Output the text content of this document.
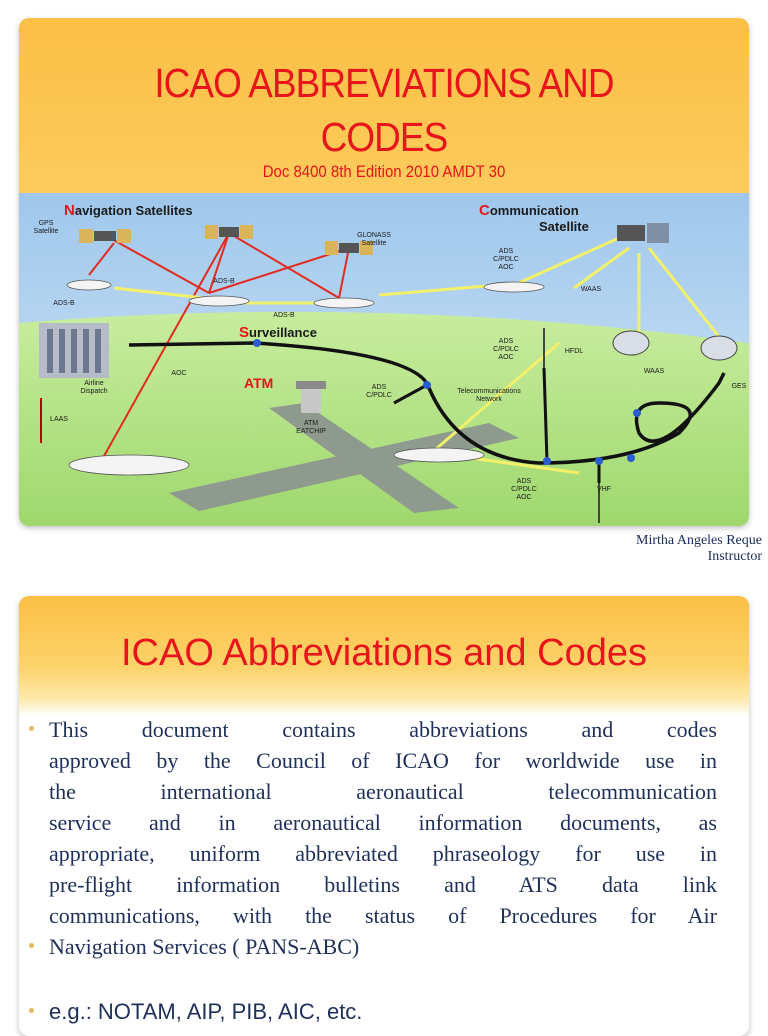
ICAO ABBREVIATIONS AND
CODES
Doc 8400 8th Edition 2010 AMDT 30
Navigation Satellites	Communication
Satellite
Surveillance
ATM
GPS
Satellite
GLONASS
Satellite
ADS-B
ADS-B
ADS-B
ADS
C/PDLC
AOC
ADS
C/PDLC
AOC
ADS
C/PDLC
ADS
C/PDLC
AOC
WAAS
WAAS
HFDL
GES
AOC
Airline
Dispatch	Telecommunications
Network
ATM
EATCHIP
LAAS
VHF
Mirtha Angeles Reque
Instructor
ICAO Abbreviations and Codes
This document contains abbreviations and codes
approved by the Council of ICAO for worldwide use in
the international aeronautical telecommunication
service and in aeronautical information documents, as
appropriate, uniform abbreviated phraseology for use in
pre-flight information bulletins and ATS data link
communications, with the status of Procedures for Air
Navigation Services ( PANS-ABC)
e.g.: NOTAM, AIP, PIB, AIC, etc.
